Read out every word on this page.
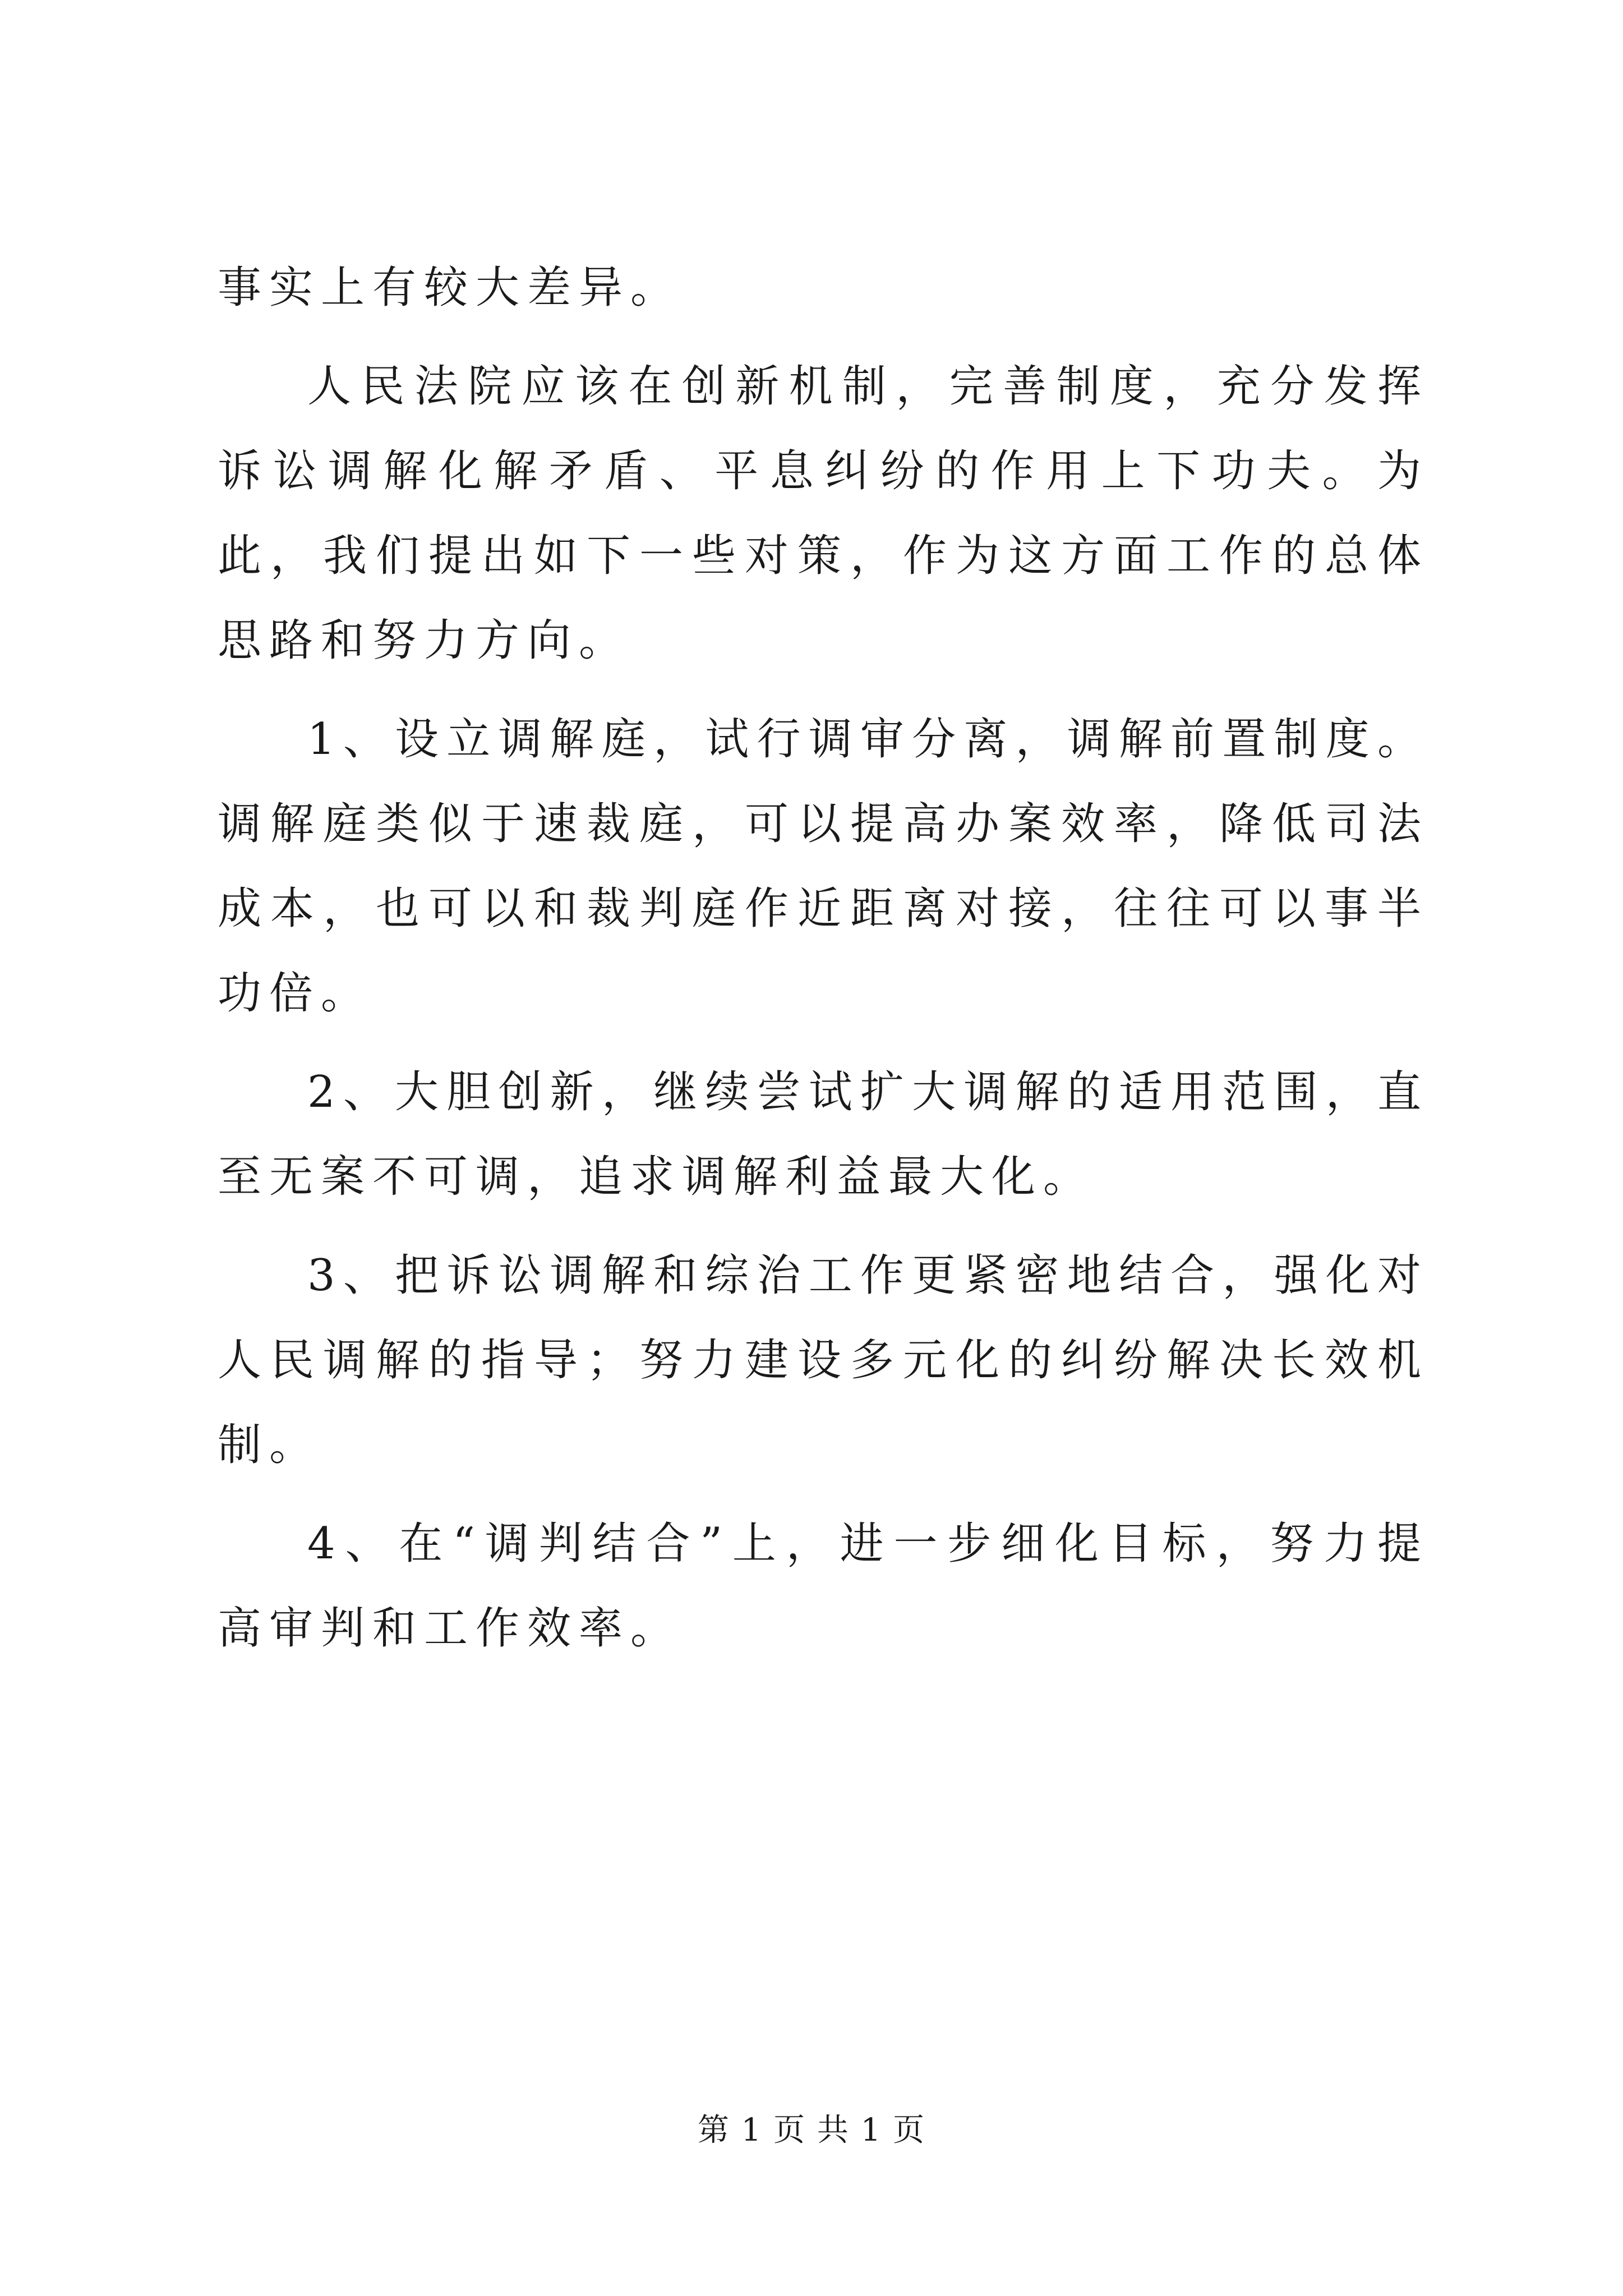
事实上有较大差异。

人民法院应该在创新机制，完善制度，充分发挥诉讼调解化解矛盾、平息纠纷的作用上下功夫。为此，我们提出如下一些对策，作为这方面工作的总体思路和努力方向。

1、设立调解庭，试行调审分离，调解前置制度。调解庭类似于速裁庭，可以提高办案效率，降低司法成本，也可以和裁判庭作近距离对接，往往可以事半功倍。

2、大胆创新，继续尝试扩大调解的适用范围，直至无案不可调，追求调解利益最大化。

3、把诉讼调解和综治工作更紧密地结合，强化对人民调解的指导；努力建设多元化的纠纷解决长效机制。

4、在“调判结合”上，进一步细化目标，努力提高审判和工作效率。

第 1 页 共 1 页
